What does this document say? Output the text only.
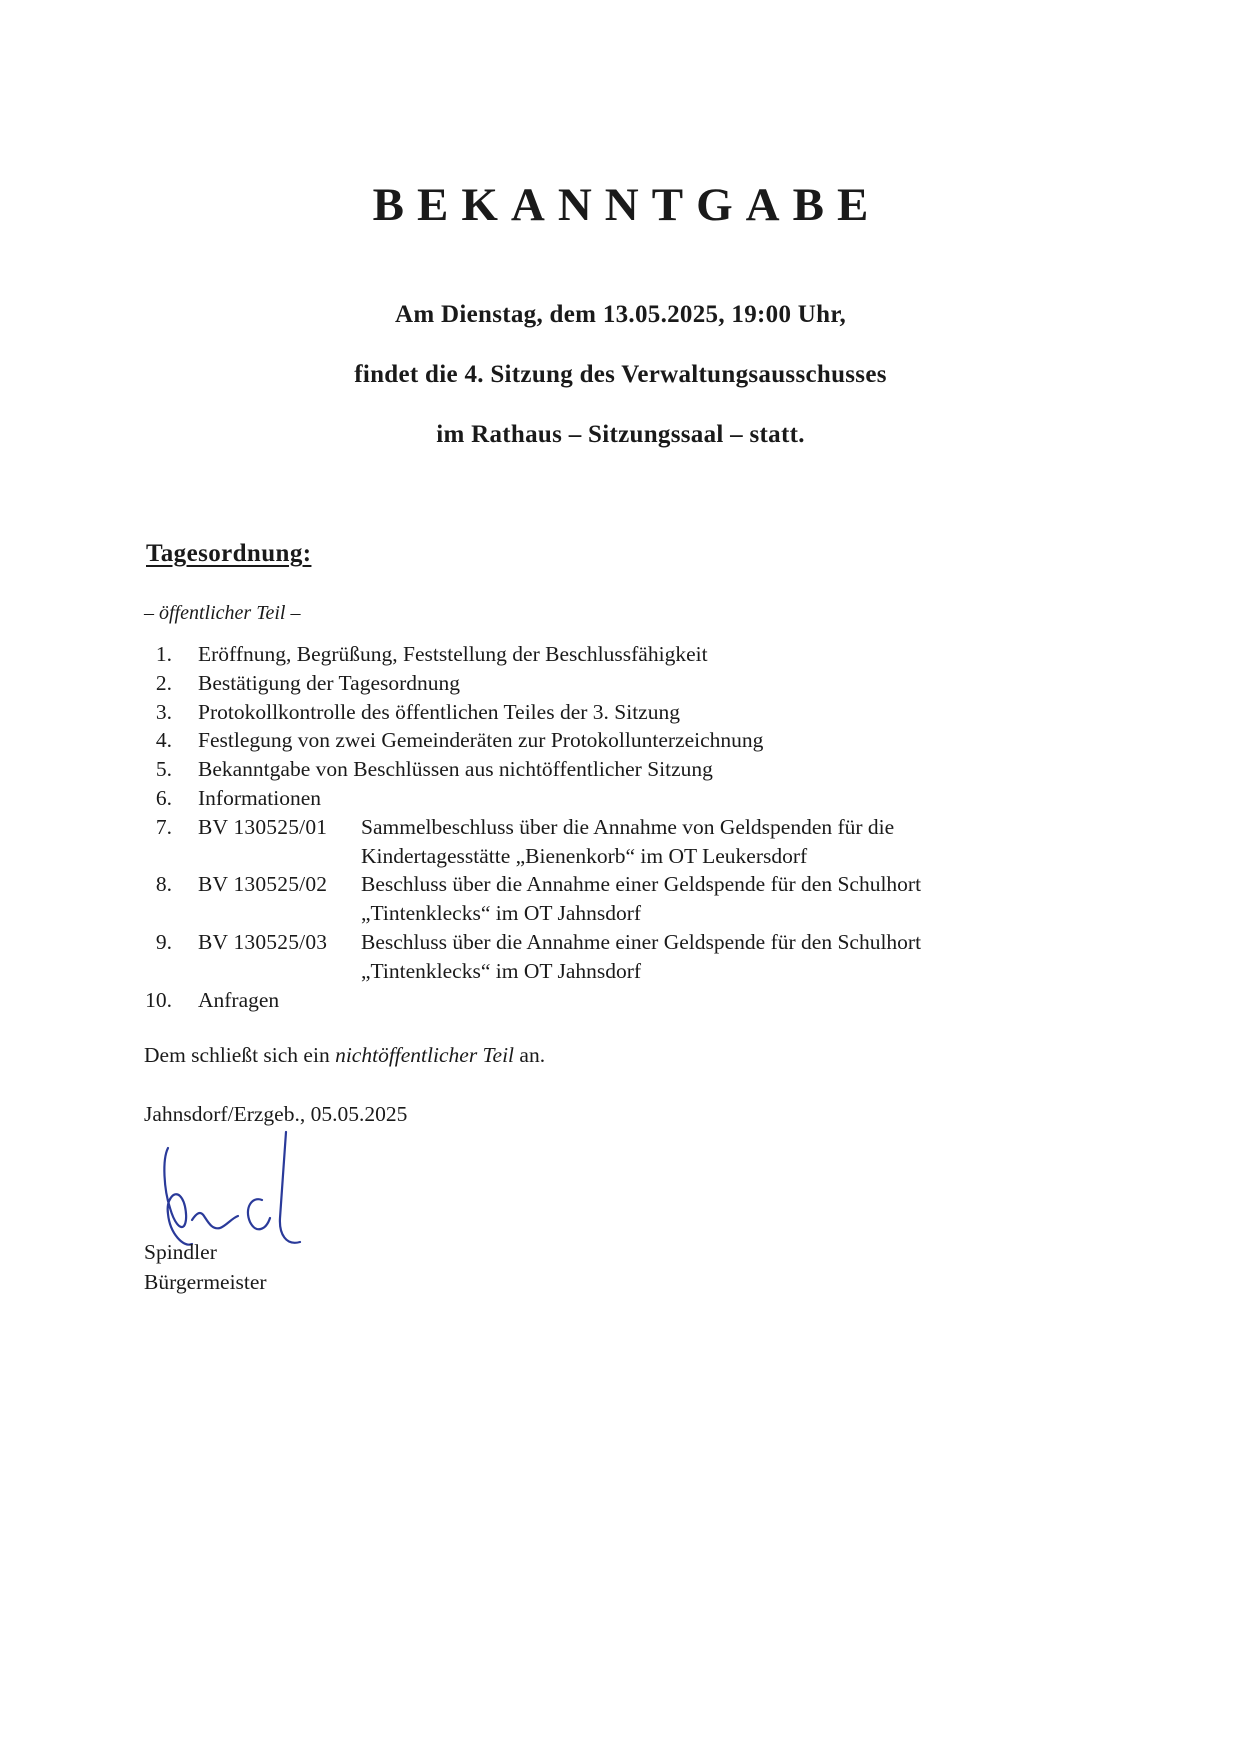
BEKANNTGABE
Am Dienstag, dem 13.05.2025, 19:00 Uhr,
findet die 4. Sitzung des Verwaltungsausschusses
im Rathaus – Sitzungssaal – statt.
Tagesordnung:
– öffentlicher Teil –
1. Eröffnung, Begrüßung, Feststellung der Beschlussfähigkeit
2. Bestätigung der Tagesordnung
3. Protokollkontrolle des öffentlichen Teiles der 3. Sitzung
4. Festlegung von zwei Gemeinderäten zur Protokollunterzeichnung
5. Bekanntgabe von Beschlüssen aus nichtöffentlicher Sitzung
6. Informationen
7. BV 130525/01	Sammelbeschluss über die Annahme von Geldspenden für die
Kindertagesstätte „Bienenkorb“ im OT Leukersdorf
8. BV 130525/02	Beschluss über die Annahme einer Geldspende für den Schulhort
„Tintenklecks“ im OT Jahnsdorf
9. BV 130525/03	Beschluss über die Annahme einer Geldspende für den Schulhort
„Tintenklecks“ im OT Jahnsdorf
10. Anfragen
Dem schließt sich ein nichtöffentlicher Teil an.
Jahnsdorf/Erzgeb., 05.05.2025
Spindler
Bürgermeister
